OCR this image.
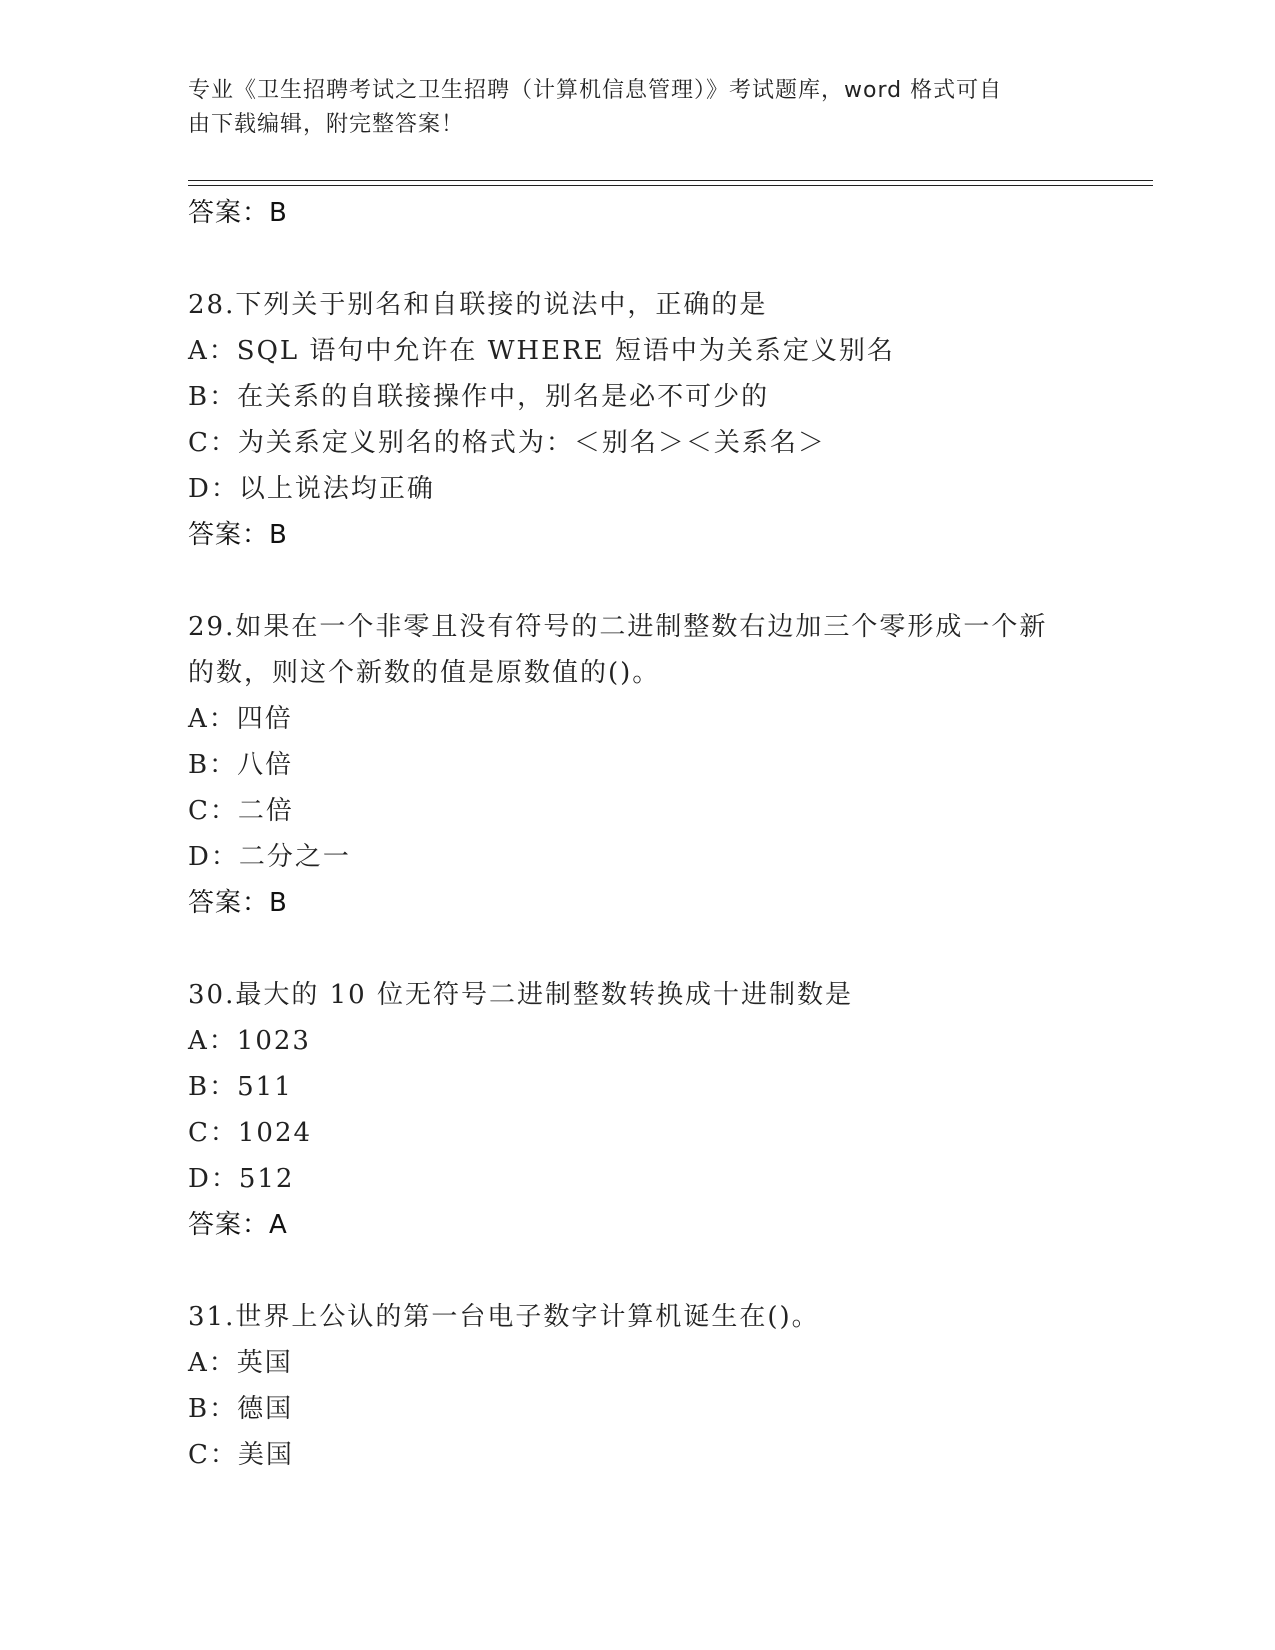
专业《卫生招聘考试之卫生招聘（计算机信息管理）》考试题库，word 格式可自
由下载编辑，附完整答案！
答案：B
28.下列关于别名和自联接的说法中，正确的是
A：SQL 语句中允许在 WHERE 短语中为关系定义别名
B：在关系的自联接操作中，别名是必不可少的
C：为关系定义别名的格式为：＜别名＞＜关系名＞
D：以上说法均正确
答案：B
29.如果在一个非零且没有符号的二进制整数右边加三个零形成一个新
的数，则这个新数的值是原数值的()。
A：四倍
B：八倍
C：二倍
D：二分之一
答案：B
30.最大的 10 位无符号二进制整数转换成十进制数是
A：1023
B：511
C：1024
D：512
答案：A
31.世界上公认的第一台电子数字计算机诞生在()。
A：英国
B：德国
C：美国
